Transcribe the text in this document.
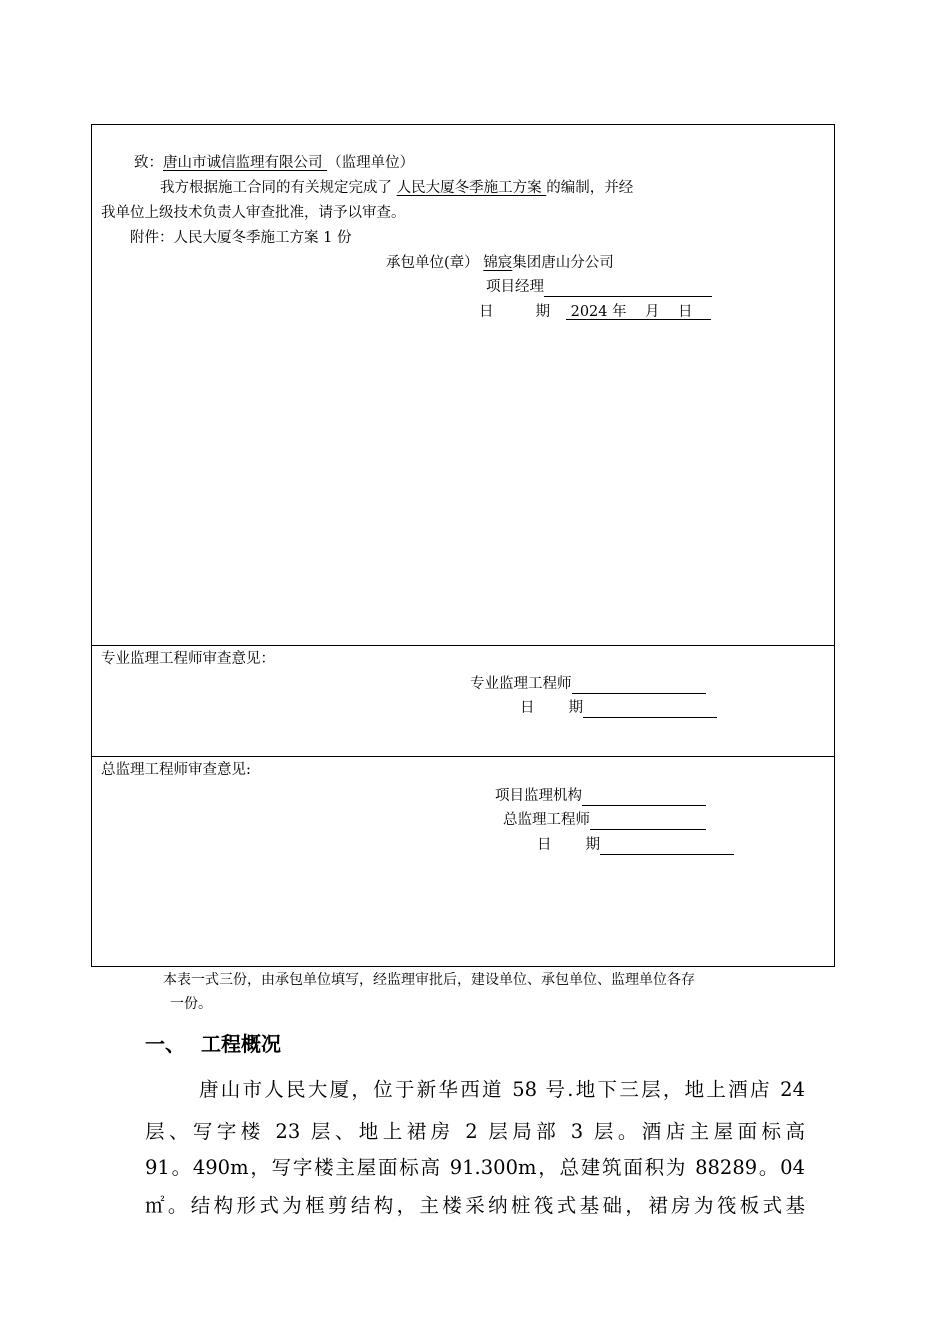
致：唐山市诚信监理有限公司 （监理单位）
我方根据施工合同的有关规定完成了 人民大厦冬季施工方案 的编制，并经
我单位上级技术负责人审查批准，请予以审查。
附件：人民大厦冬季施工方案 1 份
承包单位(章） 锦宸集团唐山分公司
项目经理
日	期 2024 年    月    日
专业监理工程师审查意见：
专业监理工程师
日 期
总监理工程师审查意见:
项目监理机构
总监理工程师
日 期
本表一式三份，由承包单位填写，经监理审批后，建设单位、承包单位、监理单位各存
一份。
一、 工程概况
唐山市人民大厦，位于新华西道 58 号.地下三层，地上酒店 24
层、写字楼 23 层、地上裙房 2 层局部 3 层。酒店主屋面标高
91。490m，写字楼主屋面标高 91.300m，总建筑面积为 88289。04
㎡。结构形式为框剪结构，主楼采纳桩筏式基础，裙房为筏板式基
